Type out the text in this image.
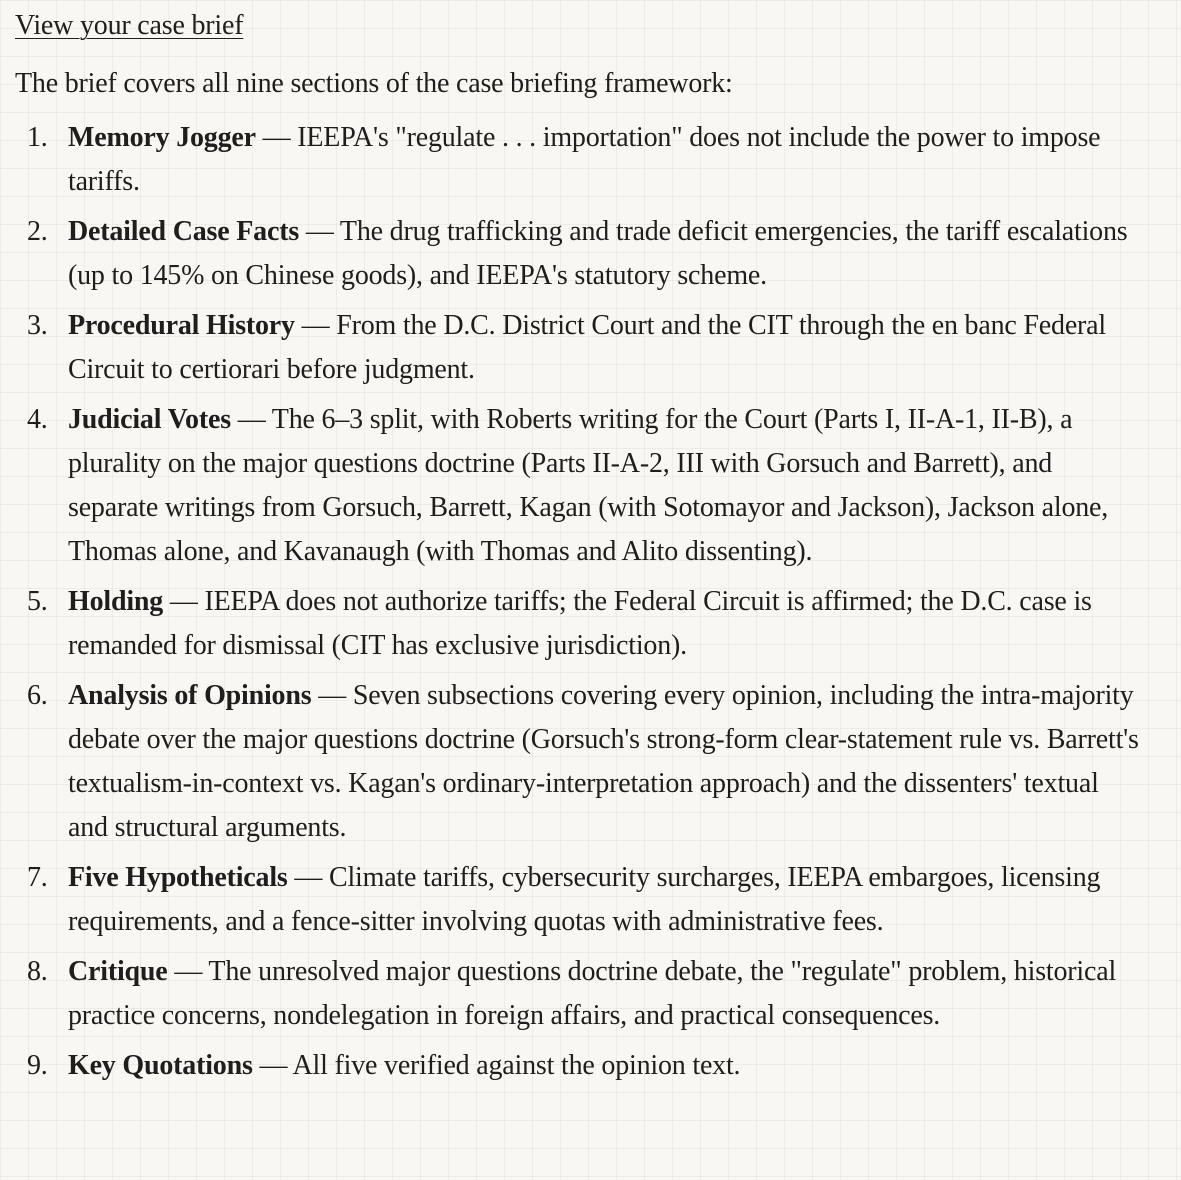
View your case brief

The brief covers all nine sections of the case briefing framework:

1. Memory Jogger — IEEPA's "regulate . . . importation" does not include the power to impose tariffs.
2. Detailed Case Facts — The drug trafficking and trade deficit emergencies, the tariff escalations (up to 145% on Chinese goods), and IEEPA's statutory scheme.
3. Procedural History — From the D.C. District Court and the CIT through the en banc Federal Circuit to certiorari before judgment.
4. Judicial Votes — The 6–3 split, with Roberts writing for the Court (Parts I, II-A-1, II-B), a plurality on the major questions doctrine (Parts II-A-2, III with Gorsuch and Barrett), and separate writings from Gorsuch, Barrett, Kagan (with Sotomayor and Jackson), Jackson alone, Thomas alone, and Kavanaugh (with Thomas and Alito dissenting).
5. Holding — IEEPA does not authorize tariffs; the Federal Circuit is affirmed; the D.C. case is remanded for dismissal (CIT has exclusive jurisdiction).
6. Analysis of Opinions — Seven subsections covering every opinion, including the intra-majority debate over the major questions doctrine (Gorsuch's strong-form clear-statement rule vs. Barrett's textualism-in-context vs. Kagan's ordinary-interpretation approach) and the dissenters' textual and structural arguments.
7. Five Hypotheticals — Climate tariffs, cybersecurity surcharges, IEEPA embargoes, licensing requirements, and a fence-sitter involving quotas with administrative fees.
8. Critique — The unresolved major questions doctrine debate, the "regulate" problem, historical practice concerns, nondelegation in foreign affairs, and practical consequences.
9. Key Quotations — All five verified against the opinion text.
